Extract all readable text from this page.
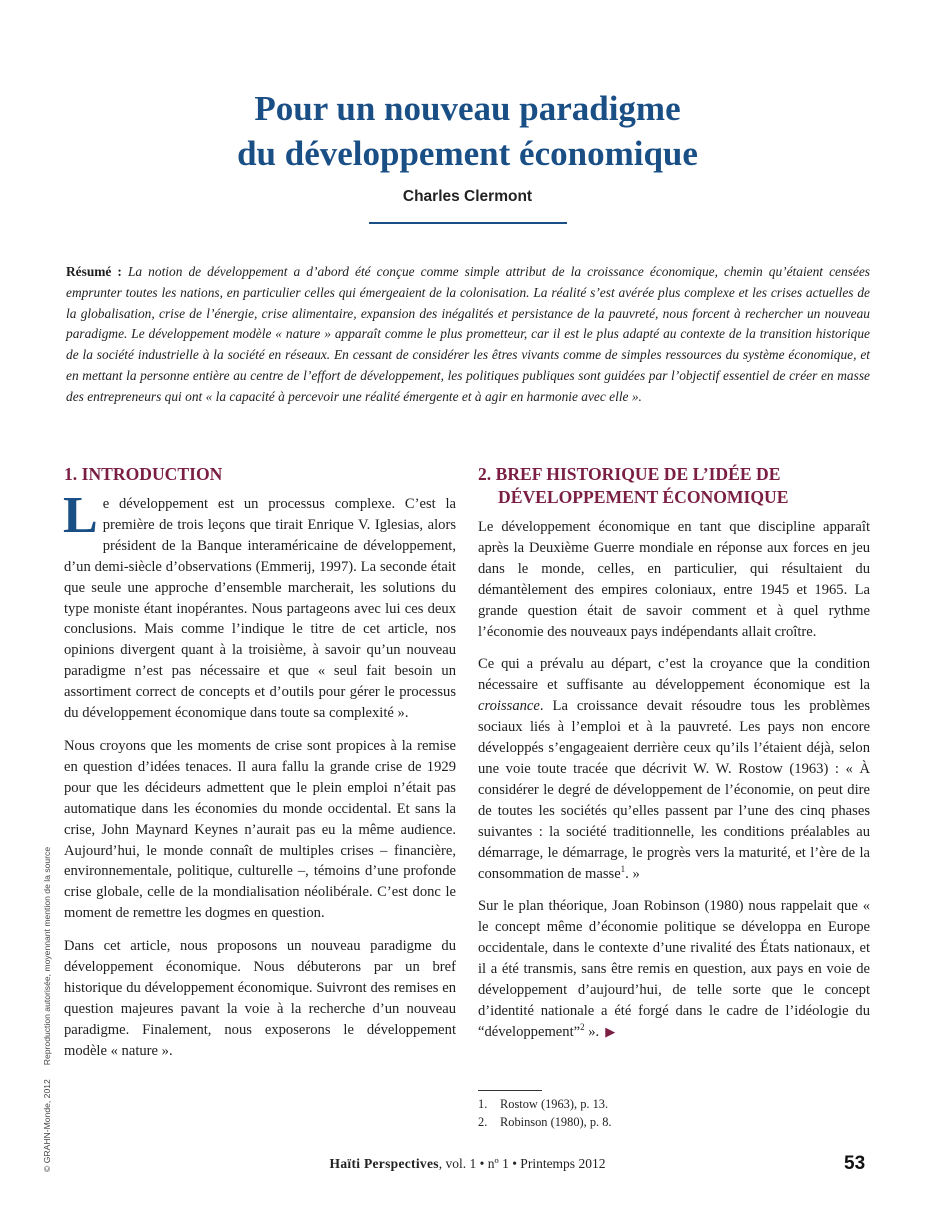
Pour un nouveau paradigme
du développement économique
Charles Clermont
Résumé : La notion de développement a d’abord été conçue comme simple attribut de la croissance économique, chemin qu’étaient censées emprunter toutes les nations, en particulier celles qui émergeaient de la colonisation. La réalité s’est avérée plus complexe et les crises actuelles de la globalisation, crise de l’énergie, crise alimentaire, expansion des inégalités et persistance de la pauvreté, nous forcent à rechercher un nouveau paradigme. Le développement modèle « nature » apparaît comme le plus prometteur, car il est le plus adapté au contexte de la transition historique de la société industrielle à la société en réseaux. En cessant de considérer les êtres vivants comme de simples ressources du système économique, et en mettant la personne entière au centre de l’effort de développement, les politiques publiques sont guidées par l’objectif essentiel de créer en masse des entrepreneurs qui ont « la capacité à percevoir une réalité émergente et à agir en harmonie avec elle ».
1. INTRODUCTION

Le développement est un processus complexe. C’est la première de trois leçons que tirait Enrique V. Iglesias, alors président de la Banque interaméricaine de développement, d’un demi-siècle d’observations (Emmerij, 1997). La seconde était que seule une approche d’ensemble marcherait, les solutions du type moniste étant inopérantes. Nous partageons avec lui ces deux conclusions. Mais comme l’indique le titre de cet article, nos opinions divergent quant à la troisième, à savoir qu’un nouveau paradigme n’est pas nécessaire et que « seul fait besoin un assortiment correct de concepts et d’outils pour gérer le processus du développement économique dans toute sa complexité ».

Nous croyons que les moments de crise sont propices à la remise en question d’idées tenaces. Il aura fallu la grande crise de 1929 pour que les décideurs admettent que le plein emploi n’était pas automatique dans les économies du monde occidental. Et sans la crise, John Maynard Keynes n’aurait pas eu la même audience. Aujourd’hui, le monde connaît de multiples crises – financière, environnementale, politique, culturelle –, témoins d’une profonde crise globale, celle de la mondialisation néolibérale. C’est donc le moment de remettre les dogmes en question.

Dans cet article, nous proposons un nouveau paradigme du développement économique. Nous débuterons par un bref historique du développement économique. Suivront des remises en question majeures pavant la voie à la recherche d’un nouveau paradigme. Finalement, nous exposerons le développement modèle « nature ».

2. BREF HISTORIQUE DE L’IDÉE DE
DÉVELOPPEMENT ÉCONOMIQUE

Le développement économique en tant que discipline apparaît après la Deuxième Guerre mondiale en réponse aux forces en jeu dans le monde, celles, en particulier, qui résultaient du démantèlement des empires coloniaux, entre 1945 et 1965. La grande question était de savoir comment et à quel rythme l’économie des nouveaux pays indépendants allait croître.

Ce qui a prévalu au départ, c’est la croyance que la condition nécessaire et suffisante au développement économique est la croissance. La croissance devait résoudre tous les problèmes sociaux liés à l’emploi et à la pauvreté. Les pays non encore développés s’engageaient derrière ceux qu’ils l’étaient déjà, selon une voie toute tracée que décrivit W. W. Rostow (1963) : « À considérer le degré de développement de l’économie, on peut dire de toutes les sociétés qu’elles passent par l’une des cinq phases suivantes : la société traditionnelle, les conditions préalables au démarrage, le démarrage, le progrès vers la maturité, et l’ère de la consommation de masse$^1$. »

Sur le plan théorique, Joan Robinson (1980) nous rappelait que « le concept même d’économie politique se développa en Europe occidentale, dans le contexte d’une rivalité des États nationaux, et il a été transmis, sans être remis en question, aux pays en voie de développement d’aujourd’hui, de telle sorte que le concept d’identité nationale a été forgé dans le cadre de l’idéologie du “développement”$^2$ ». ▶

1.	Rostow (1963), p. 13.
2.	Robinson (1980), p. 8.
© GRAHN-Monde, 2012Reproduction autorisée, moyennant mention de la source
Haïti Perspectives, vol. 1 • nº 1 • Printemps 2012	53
